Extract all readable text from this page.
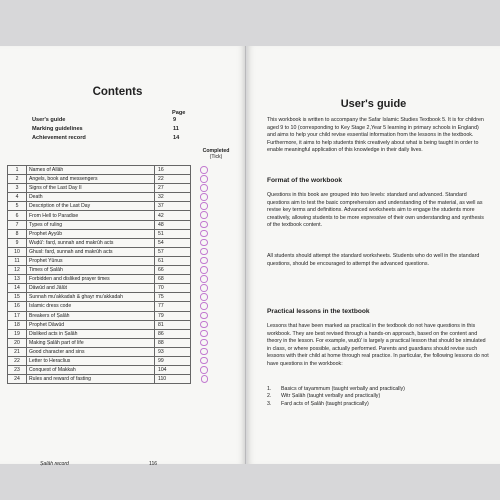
Contents
Page
User's guide	9
Marking guidelines	11
Achievement record	14
Completed
(Tick)
1	Names of Allāh	16	
2	Angels, book and messengers	22	
3	Signs of the Last Day II	27	
4	Death	32	
5	Description of the Last Day	37	
6	From Hell to Paradise	42	
7	Types of ruling	48	
8	Prophet Ayyūb	51	
9	Wuḍū': farḍ, sunnah and makrūh acts	54	
10	Ghusl: farḍ, sunnah and makrūh acts	57	
11	Prophet Yūnus	61	
12	Times of Ṣalāh	66	
13	Forbidden and disliked prayer times	68	
14	Dāwūd and Jālūt	70	
15	Sunnah mu'akkadah & ghayr mu'akkadah	75	
16	Islamic dress code	77	
17	Breakers of Ṣalāh	79	
18	Prophet Dāwūd	81	
19	Disliked acts in Ṣalāh	86	
20	Making Ṣalāh part of life	88	
21	Good character and sins	93	
22	Letter to Heraclius	99	
23	Conquest of Makkah	104	
24	Rules and reward of fasting	110	
Ṣalāh record	116
User's guide
This workbook is written to accompany the Safar Islamic Studies Textbook 5. It is for children aged 9 to 10 (corresponding to Key Stage 2,Year 5 learning in primary schools in England) and aims to help your child revise essential information from the lessons in the textbook. Furthermore, it aims to help students think creatively about what is being taught in order to enable meaningful application of this knowledge in their daily lives.
Format of the workbook
Questions in this book are grouped into two levels: standard and advanced. Standard questions aim to test the basic comprehension and understanding of the material, as well as revise key terms and definitions. Advanced worksheets aim to engage the students more creatively, allowing students to be more expressive of their own understanding and synthesis of the textbook content.
All students should attempt the standard worksheets. Students who do well in the standard questions, should be encouraged to attempt the advanced questions.
Practical lessons in the textbook
Lessons that have been marked as practical in the textbook do not have questions in this workbook. They are best revised through a hands-on approach, based on the content and theory in the lesson. For example, wuḍū' is largely a practical lesson that should be simulated in class, or where possible, actually performed. Parents and guardians should revise such lessons with their child at home through real practice. In particular, the following lessons do not have questions in the workbook:
1. Basics of tayammum (taught verbally and practically)
2. Witr Ṣalāh (taught verbally and practically)
3. Farḍ acts of Ṣalāh (taught practically)
